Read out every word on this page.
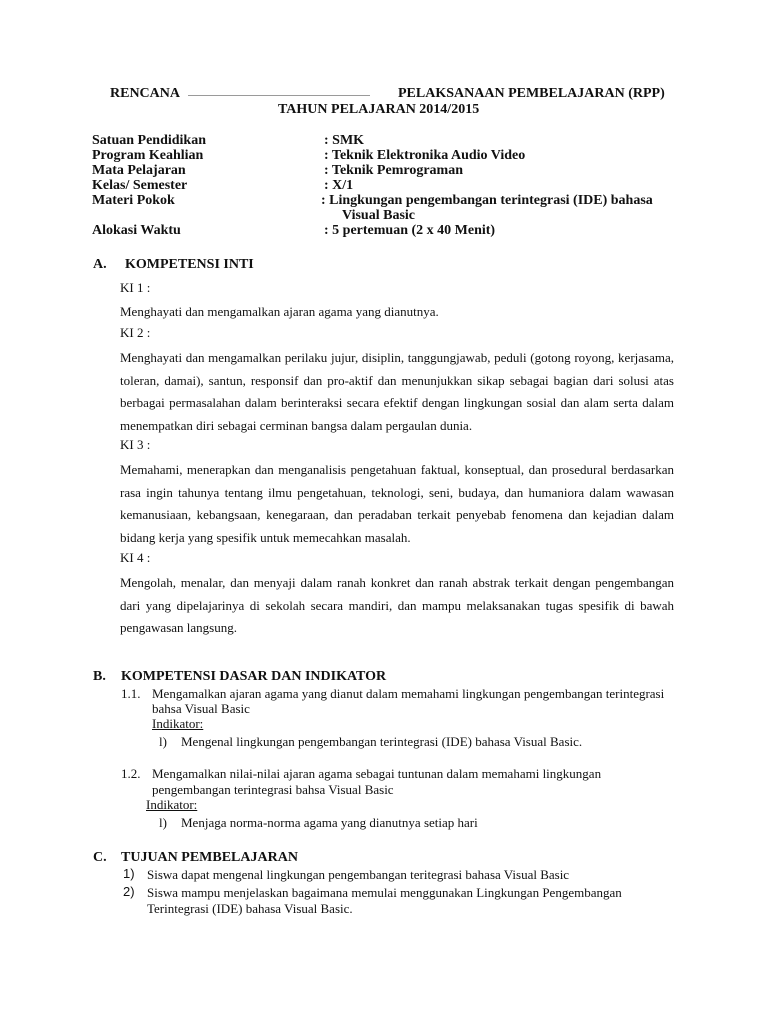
RENCANA	PELAKSANAAN PEMBELAJARAN (RPP)
TAHUN PELAJARAN 2014/2015
Satuan Pendidikan	: SMK
Program Keahlian	: Teknik Elektronika Audio Video
Mata Pelajaran	: Teknik Pemrograman
Kelas/ Semester	: X/1
Materi Pokok	: Lingkungan pengembangan terintegrasi (IDE) bahasa
Visual Basic
Alokasi Waktu	: 5 pertemuan (2 x 40 Menit)
A. KOMPETENSI INTI
KI 1 :
Menghayati dan mengamalkan ajaran agama yang dianutnya.
KI 2 :
Menghayati dan mengamalkan perilaku jujur, disiplin, tanggungjawab, peduli (gotong royong, kerjasama, toleran, damai), santun, responsif dan pro-aktif dan menunjukkan sikap sebagai bagian dari solusi atas berbagai permasalahan dalam berinteraksi secara efektif dengan lingkungan sosial dan alam serta dalam menempatkan diri sebagai cerminan bangsa dalam pergaulan dunia.
KI 3 :
Memahami, menerapkan dan menganalisis pengetahuan faktual, konseptual, dan prosedural berdasarkan rasa ingin tahunya tentang ilmu pengetahuan, teknologi, seni, budaya, dan humaniora dalam wawasan kemanusiaan, kebangsaan, kenegaraan, dan peradaban terkait penyebab fenomena dan kejadian dalam bidang kerja yang spesifik untuk memecahkan masalah.
KI 4 :
Mengolah, menalar, dan menyaji dalam ranah konkret dan ranah abstrak terkait dengan pengembangan dari yang dipelajarinya di sekolah secara mandiri, dan mampu melaksanakan tugas spesifik di bawah pengawasan langsung.
B. KOMPETENSI DASAR DAN INDIKATOR
1.1. Mengamalkan ajaran agama yang dianut dalam memahami lingkungan pengembangan terintegrasi
bahsa Visual Basic
Indikator:
l) Mengenal lingkungan pengembangan terintegrasi (IDE) bahasa Visual Basic.
1.2. Mengamalkan nilai-nilai ajaran agama sebagai tuntunan dalam memahami lingkungan
pengembangan terintegrasi bahsa Visual Basic
Indikator:
l) Menjaga norma-norma agama yang dianutnya setiap hari
C. TUJUAN PEMBELAJARAN
1) Siswa dapat mengenal lingkungan pengembangan teritegrasi bahasa Visual Basic
2) Siswa mampu menjelaskan bagaimana memulai menggunakan Lingkungan Pengembangan
Terintegrasi (IDE) bahasa Visual Basic.
